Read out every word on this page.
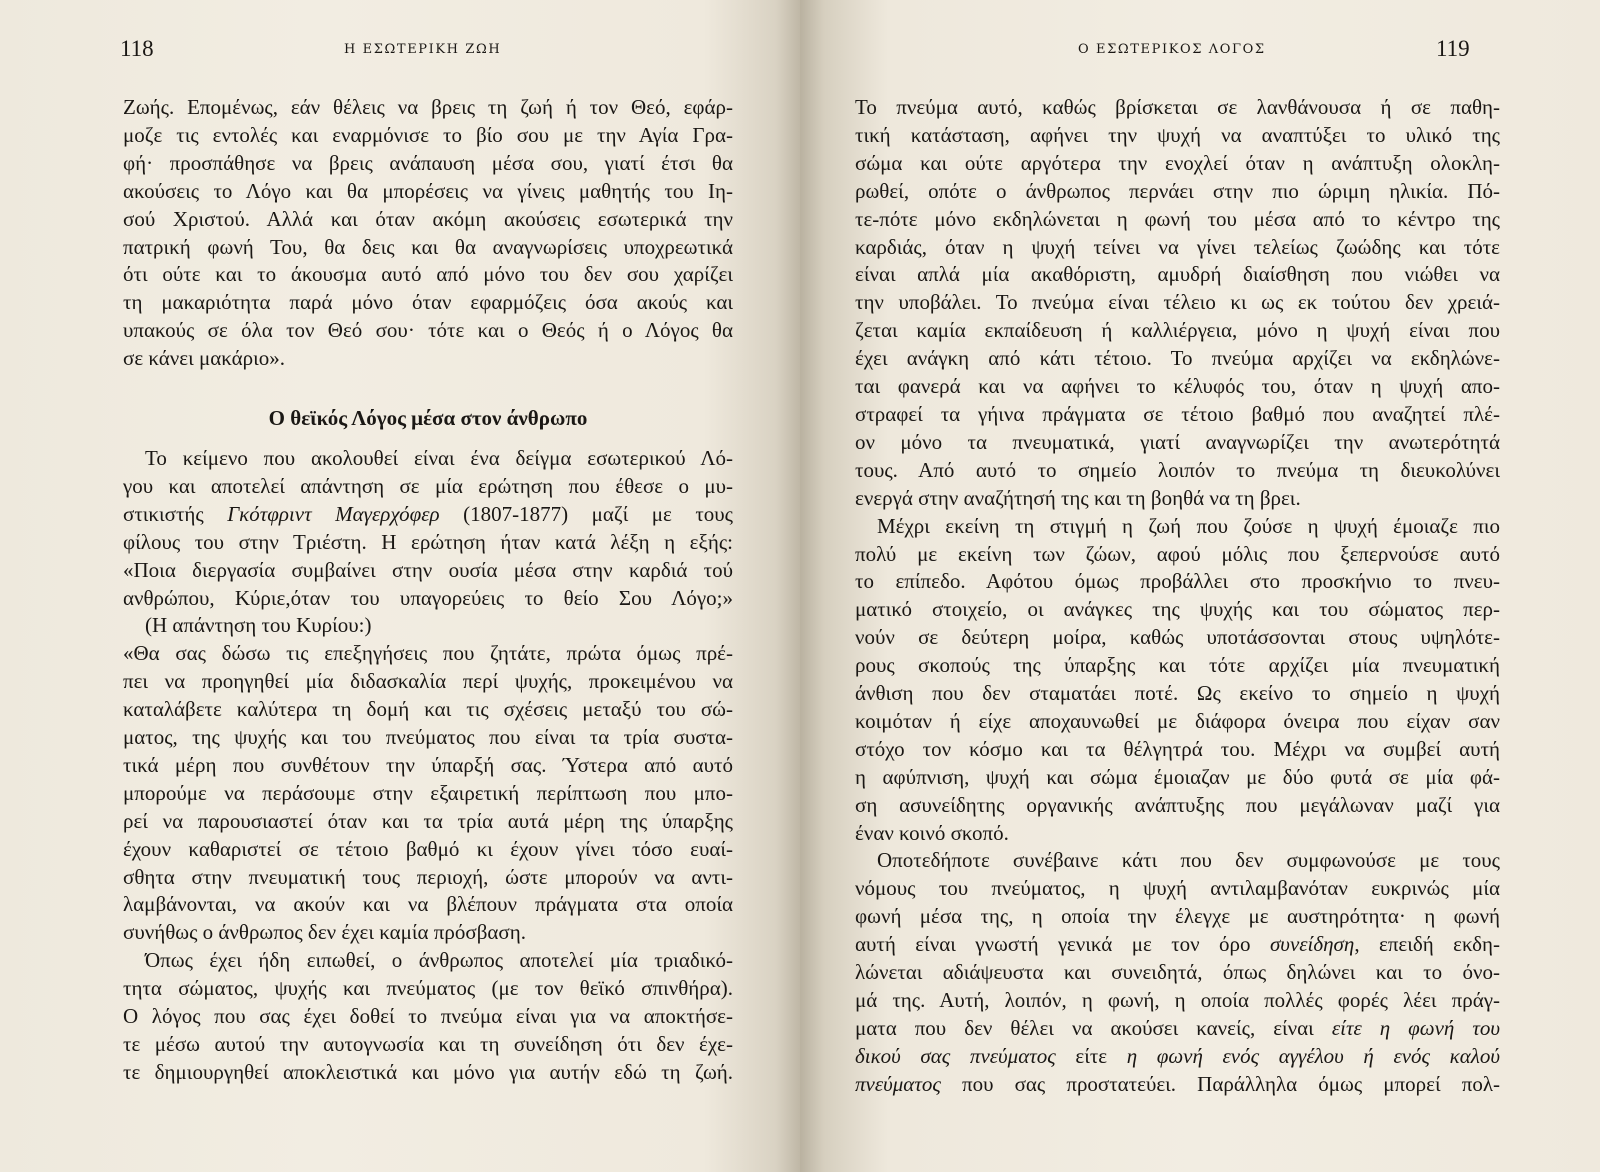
118	Η ΕΣΩΤΕΡΙΚΗ ΖΩΗ

Ζωής. Επομένως, εάν θέλεις να βρεις τη ζωή ή τον Θεό, εφάρ-
μοζε τις εντολές και εναρμόνισε το βίο σου με την Αγία Γρα-
φή· προσπάθησε να βρεις ανάπαυση μέσα σου, γιατί έτσι θα
ακούσεις το Λόγο και θα μπορέσεις να γίνεις μαθητής του Ιη-
σού Χριστού. Αλλά και όταν ακόμη ακούσεις εσωτερικά την
πατρική φωνή Του, θα δεις και θα αναγνωρίσεις υποχρεωτικά
ότι ούτε και το άκουσμα αυτό από μόνο του δεν σου χαρίζει
τη μακαριότητα παρά μόνο όταν εφαρμόζεις όσα ακούς και
υπακούς σε όλα τον Θεό σου· τότε και ο Θεός ή ο Λόγος θα
σε κάνει μακάριο».

Ο θεϊκός Λόγος μέσα στον άνθρωπο

Το κείμενο που ακολουθεί είναι ένα δείγμα εσωτερικού Λό-
γου και αποτελεί απάντηση σε μία ερώτηση που έθεσε ο μυ-
στικιστής Γκότφριντ Μαγερχόφερ (1807-1877) μαζί με τους
φίλους του στην Τριέστη. Η ερώτηση ήταν κατά λέξη η εξής:
«Ποια διεργασία συμβαίνει στην ουσία μέσα στην καρδιά τού
ανθρώπου, Κύριε,όταν του υπαγορεύεις το θείο Σου Λόγο;»

(Η απάντηση του Κυρίου:)

«Θα σας δώσω τις επεξηγήσεις που ζητάτε, πρώτα όμως πρέ-
πει να προηγηθεί μία διδασκαλία περί ψυχής, προκειμένου να
καταλάβετε καλύτερα τη δομή και τις σχέσεις μεταξύ του σώ-
ματος, της ψυχής και του πνεύματος που είναι τα τρία συστα-
τικά μέρη που συνθέτουν την ύπαρξή σας. Ύστερα από αυτό
μπορούμε να περάσουμε στην εξαιρετική περίπτωση που μπο-
ρεί να παρουσιαστεί όταν και τα τρία αυτά μέρη της ύπαρξης
έχουν καθαριστεί σε τέτοιο βαθμό κι έχουν γίνει τόσο ευαί-
σθητα στην πνευματική τους περιοχή, ώστε μπορούν να αντι-
λαμβάνονται, να ακούν και να βλέπουν πράγματα στα οποία
συνήθως ο άνθρωπος δεν έχει καμία πρόσβαση.

Όπως έχει ήδη ειπωθεί, ο άνθρωπος αποτελεί μία τριαδικό-
τητα σώματος, ψυχής και πνεύματος (με τον θεϊκό σπινθήρα).
Ο λόγος που σας έχει δοθεί το πνεύμα είναι για να αποκτήσε-
τε μέσω αυτού την αυτογνωσία και τη συνείδηση ότι δεν έχε-
τε δημιουργηθεί αποκλειστικά και μόνο για αυτήν εδώ τη ζωή.

Ο ΕΣΩΤΕΡΙΚΟΣ ΛΟΓΟΣ	119

Το πνεύμα αυτό, καθώς βρίσκεται σε λανθάνουσα ή σε παθη-
τική κατάσταση, αφήνει την ψυχή να αναπτύξει το υλικό της
σώμα και ούτε αργότερα την ενοχλεί όταν η ανάπτυξη ολοκλη-
ρωθεί, οπότε ο άνθρωπος περνάει στην πιο ώριμη ηλικία. Πό-
τε-πότε μόνο εκδηλώνεται η φωνή του μέσα από το κέντρο της
καρδιάς, όταν η ψυχή τείνει να γίνει τελείως ζωώδης και τότε
είναι απλά μία ακαθόριστη, αμυδρή διαίσθηση που νιώθει να
την υποβάλει. Το πνεύμα είναι τέλειο κι ως εκ τούτου δεν χρειά-
ζεται καμία εκπαίδευση ή καλλιέργεια, μόνο η ψυχή είναι που
έχει ανάγκη από κάτι τέτοιο. Το πνεύμα αρχίζει να εκδηλώνε-
ται φανερά και να αφήνει το κέλυφός του, όταν η ψυχή απο-
στραφεί τα γήινα πράγματα σε τέτοιο βαθμό που αναζητεί πλέ-
ον μόνο τα πνευματικά, γιατί αναγνωρίζει την ανωτερότητά
τους. Από αυτό το σημείο λοιπόν το πνεύμα τη διευκολύνει
ενεργά στην αναζήτησή της και τη βοηθά να τη βρει.

Μέχρι εκείνη τη στιγμή η ζωή που ζούσε η ψυχή έμοιαζε πιο
πολύ με εκείνη των ζώων, αφού μόλις που ξεπερνούσε αυτό
το επίπεδο. Αφότου όμως προβάλλει στο προσκήνιο το πνευ-
ματικό στοιχείο, οι ανάγκες της ψυχής και του σώματος περ-
νούν σε δεύτερη μοίρα, καθώς υποτάσσονται στους υψηλότε-
ρους σκοπούς της ύπαρξης και τότε αρχίζει μία πνευματική
άνθιση που δεν σταματάει ποτέ. Ως εκείνο το σημείο η ψυχή
κοιμόταν ή είχε αποχαυνωθεί με διάφορα όνειρα που είχαν σαν
στόχο τον κόσμο και τα θέλγητρά του. Μέχρι να συμβεί αυτή
η αφύπνιση, ψυχή και σώμα έμοιαζαν με δύο φυτά σε μία φά-
ση ασυνείδητης οργανικής ανάπτυξης που μεγάλωναν μαζί για
έναν κοινό σκοπό.

Οποτεδήποτε συνέβαινε κάτι που δεν συμφωνούσε με τους
νόμους του πνεύματος, η ψυχή αντιλαμβανόταν ευκρινώς μία
φωνή μέσα της, η οποία την έλεγχε με αυστηρότητα· η φωνή
αυτή είναι γνωστή γενικά με τον όρο συνείδηση, επειδή εκδη-
λώνεται αδιάψευστα και συνειδητά, όπως δηλώνει και το όνο-
μά της. Αυτή, λοιπόν, η φωνή, η οποία πολλές φορές λέει πράγ-
ματα που δεν θέλει να ακούσει κανείς, είναι είτε η φωνή του
δικού σας πνεύματος είτε η φωνή ενός αγγέλου ή ενός καλού
πνεύματος που σας προστατεύει. Παράλληλα όμως μπορεί πολ-
